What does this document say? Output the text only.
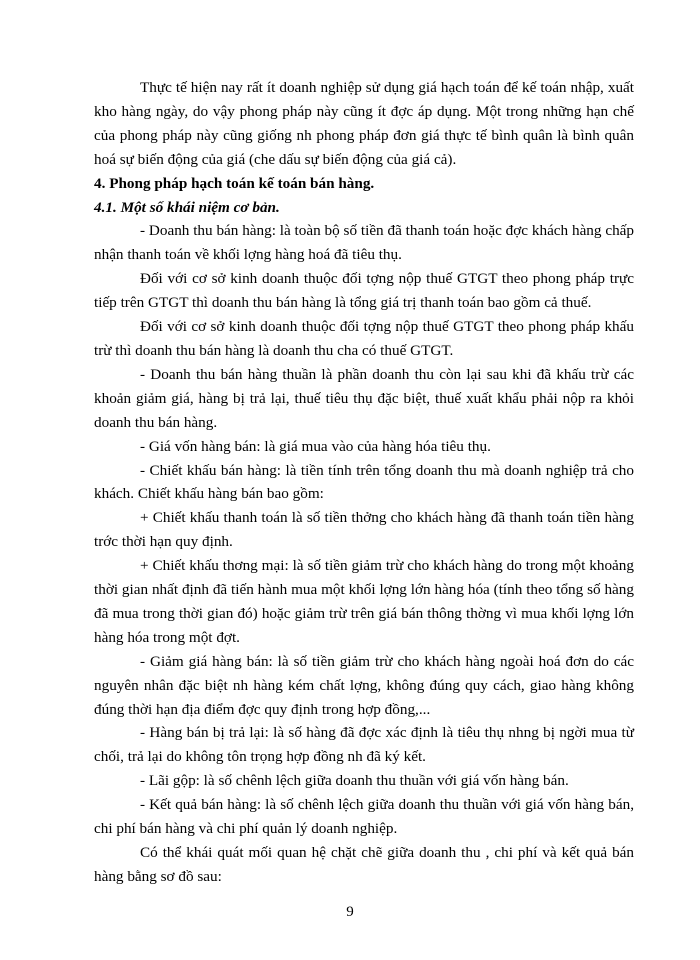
Thực tế hiện nay rất ít doanh nghiệp sử dụng giá hạch toán để kế toán nhập, xuất kho hàng ngày, do vậy phong pháp này cũng ít đợc áp dụng. Một trong những hạn chế của phong pháp này cũng giống nh phong pháp đơn giá thực tế bình quân là bình quân hoá sự biến động của giá (che dấu sự biến động của giá cả).

4. Phong pháp hạch toán kế toán bán hàng.

4.1. Một số khái niệm cơ bản.

- Doanh thu bán hàng: là toàn bộ số tiền đã thanh toán hoặc đợc khách hàng chấp nhận thanh toán về khối lợng hàng hoá đã tiêu thụ.

Đối với cơ sở kinh doanh thuộc đối tợng nộp thuế GTGT theo phong pháp trực tiếp trên GTGT thì doanh thu bán hàng là tổng giá trị thanh toán bao gồm cả thuế.

Đối với cơ sở kinh doanh thuộc đối tợng nộp thuế GTGT theo phong pháp khấu trừ thì doanh thu bán hàng là doanh thu cha có thuế GTGT.

- Doanh thu bán hàng thuần là phần doanh thu còn lại sau khi đã khấu trừ các khoản giảm giá, hàng bị trả lại, thuế tiêu thụ đặc biệt, thuế xuất khẩu phải nộp ra khỏi doanh thu bán hàng.

- Giá vốn hàng bán: là giá mua vào của hàng hóa tiêu thụ.

- Chiết khấu bán hàng: là tiền tính trên tổng doanh thu mà doanh nghiệp trả cho khách. Chiết khấu hàng bán bao gồm:

+ Chiết khấu thanh toán là số tiền thởng cho khách hàng đã thanh toán tiền hàng trớc thời hạn quy định.

+ Chiết khấu thơng mại: là số tiền giảm trừ cho khách hàng do trong một khoảng thời gian nhất định đã tiến hành mua một khối lợng lớn hàng hóa (tính theo tổng số hàng đã mua trong thời gian đó) hoặc giảm trừ trên giá bán thông thờng vì mua khối lợng lớn hàng hóa trong một đợt.

- Giảm giá hàng bán: là số tiền giảm trừ cho khách hàng ngoài hoá đơn do các nguyên nhân đặc biệt nh hàng kém chất lợng, không đúng quy cách, giao hàng không đúng thời hạn địa điểm đợc quy định trong hợp đồng,...

- Hàng bán bị trả lại: là số hàng đã đợc xác định là tiêu thụ nhng bị ngời mua từ chối, trả lại do không tôn trọng hợp đồng nh đã ký kết.

- Lãi gộp: là số chênh lệch giữa doanh thu thuần với giá vốn hàng bán.

- Kết quả bán hàng: là số chênh lệch giữa doanh thu thuần với giá vốn hàng bán, chi phí bán hàng và chi phí quản lý doanh nghiệp.

Có thể khái quát mối quan hệ chặt chẽ giữa doanh thu , chi phí và kết quả bán hàng bằng sơ đồ sau:

9
